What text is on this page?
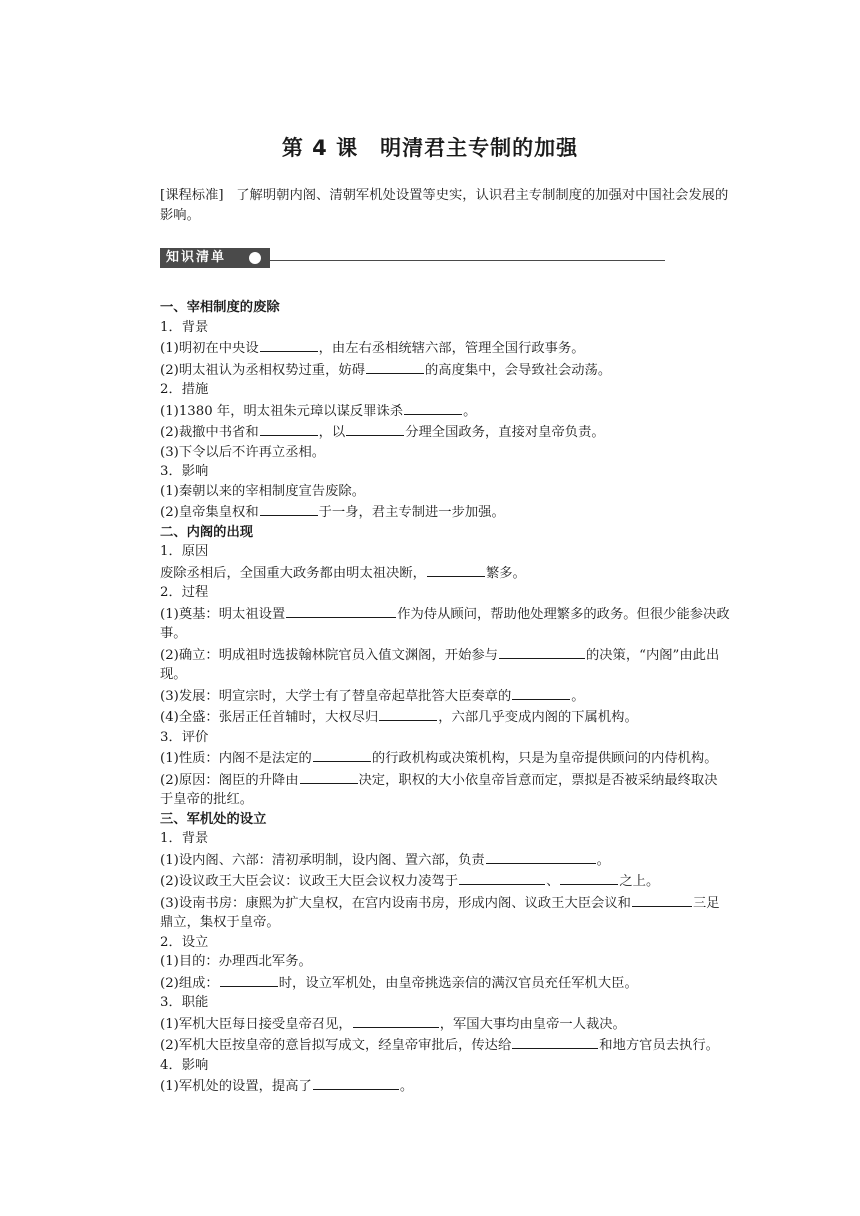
第 4 课 明清君主专制的加强
[课程标准] 了解明朝内阁、清朝军机处设置等史实，认识君主专制制度的加强对中国社会发展的影响。
知识清单
一、宰相制度的废除
1．背景
(1)明初在中央设	，由左右丞相统辖六部，管理全国行政事务。
(2)明太祖认为丞相权势过重，妨碍	的高度集中，会导致社会动荡。
2．措施
(1)1380 年，明太祖朱元璋以谋反罪诛杀	。
(2)裁撤中书省和	，以	分理全国政务，直接对皇帝负责。
(3)下令以后不许再立丞相。
3．影响
(1)秦朝以来的宰相制度宣告废除。
(2)皇帝集皇权和	于一身，君主专制进一步加强。
二、内阁的出现
1．原因
废除丞相后，全国重大政务都由明太祖决断，	繁多。
2．过程
(1)奠基：明太祖设置	作为侍从顾问，帮助他处理繁多的政务。但很少能参决政事。
(2)确立：明成祖时选拔翰林院官员入值文渊阁，开始参与	的决策，“内阁”由此出现。
(3)发展：明宣宗时，大学士有了替皇帝起草批答大臣奏章的	。
(4)全盛：张居正任首辅时，大权尽归	，六部几乎变成内阁的下属机构。
3．评价
(1)性质：内阁不是法定的	的行政机构或决策机构，只是为皇帝提供顾问的内侍机构。
(2)原因：阁臣的升降由	决定，职权的大小依皇帝旨意而定，票拟是否被采纳最终取决于皇帝的批红。
三、军机处的设立
1．背景
(1)设内阁、六部：清初承明制，设内阁、置六部，负责	。
(2)设议政王大臣会议：议政王大臣会议权力凌驾于	、	之上。
(3)设南书房：康熙为扩大皇权，在宫内设南书房，形成内阁、议政王大臣会议和	三足鼎立，集权于皇帝。
2．设立
(1)目的：办理西北军务。
(2)组成：	时，设立军机处，由皇帝挑选亲信的满汉官员充任军机大臣。
3．职能
(1)军机大臣每日接受皇帝召见，	，军国大事均由皇帝一人裁决。
(2)军机大臣按皇帝的意旨拟写成文，经皇帝审批后，传达给	和地方官员去执行。
4．影响
(1)军机处的设置，提高了	。
